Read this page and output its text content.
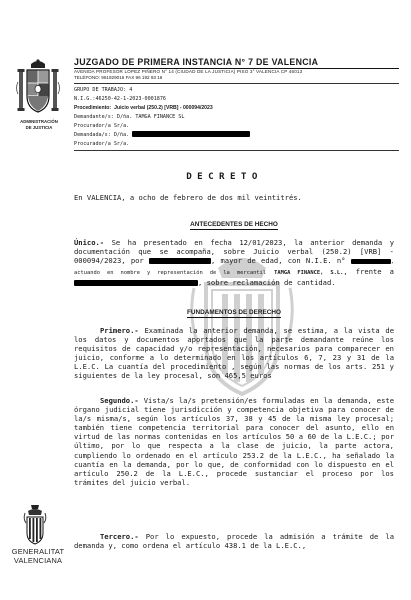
ADMINISTRACIÓN
DE JUSTICIA
GENERALITAT
VALENCIANA
JUZGADO DE PRIMERA INSTANCIA N° 7 DE VALENCIA
AVENIDA PROFESOR LOPEZ PIÑERO N° 14 (CIUDAD DE LA JUSTICIA) PISO 3° VALENCIA CP 46013
TELÉFONO: 961929016 FAX 96 192 93 16
GRUPO DE TRABAJO: 4
N.I.G.:46250-42-1-2023-0001876
Procedimiento: Juicio verbal (250.2) [VRB] - 000094/2023
Demandante/s: D/ña. TAMGA FINANCE SL
Procurador/a Sr/a.
Demandada/s: D/ña.
Procurador/a Sr/a.
DECRETO
En VALENCIA, a ocho de febrero de dos mil veintitrés.
ANTECEDENTES DE HECHO
Único.- Se ha presentado en fecha 12/01/2023, la anterior demanda y documentación que se acompaña, sobre Juicio verbal (250.2) [VRB] - 000094/2023, por	, mayor de edad, con N.I.E. n°	, actuando en nombre y representación de la mercantil TAMGA FINANCE, S.L., frente a , sobre reclamación de cantidad.
FUNDAMENTOS DE DERECHO
Primero.- Examinada la anterior demanda, se estima, a la vista de los datos y documentos aportados que la parte demandante reúne los requisitos de capacidad y/o representación, necesarios para comparecer en juicio, conforme a lo determinado en los artículos 6, 7, 23 y 31 de la L.E.C. La cuantía del procedimiento , según las normas de los arts. 251 y siguientes de la ley procesal, son 465,5 euros
Segundo.- Vista/s la/s pretensión/es formuladas en la demanda, este órgano judicial tiene jurisdicción y competencia objetiva para conocer de la/s misma/s, según los artículos 37, 38 y 45 de la misma ley procesal; también tiene competencia territorial para conocer del asunto, ello en virtud de las normas contenidas en los artículos 50 a 60 de la L.E.C.; por último, por lo que respecta a la clase de juicio, la parte actora, cumpliendo lo ordenado en el artículo 253.2 de la L.E.C., ha señalado la cuantía en la demanda, por lo que, de conformidad con lo dispuesto en el artículo 250.2 de la L.E.C., procede sustanciar el proceso por los trámites del juicio verbal.
Tercero.- Por lo expuesto, procede la admisión a trámite de la demanda y, como ordena el artículo 438.1 de la L.E.C.,
